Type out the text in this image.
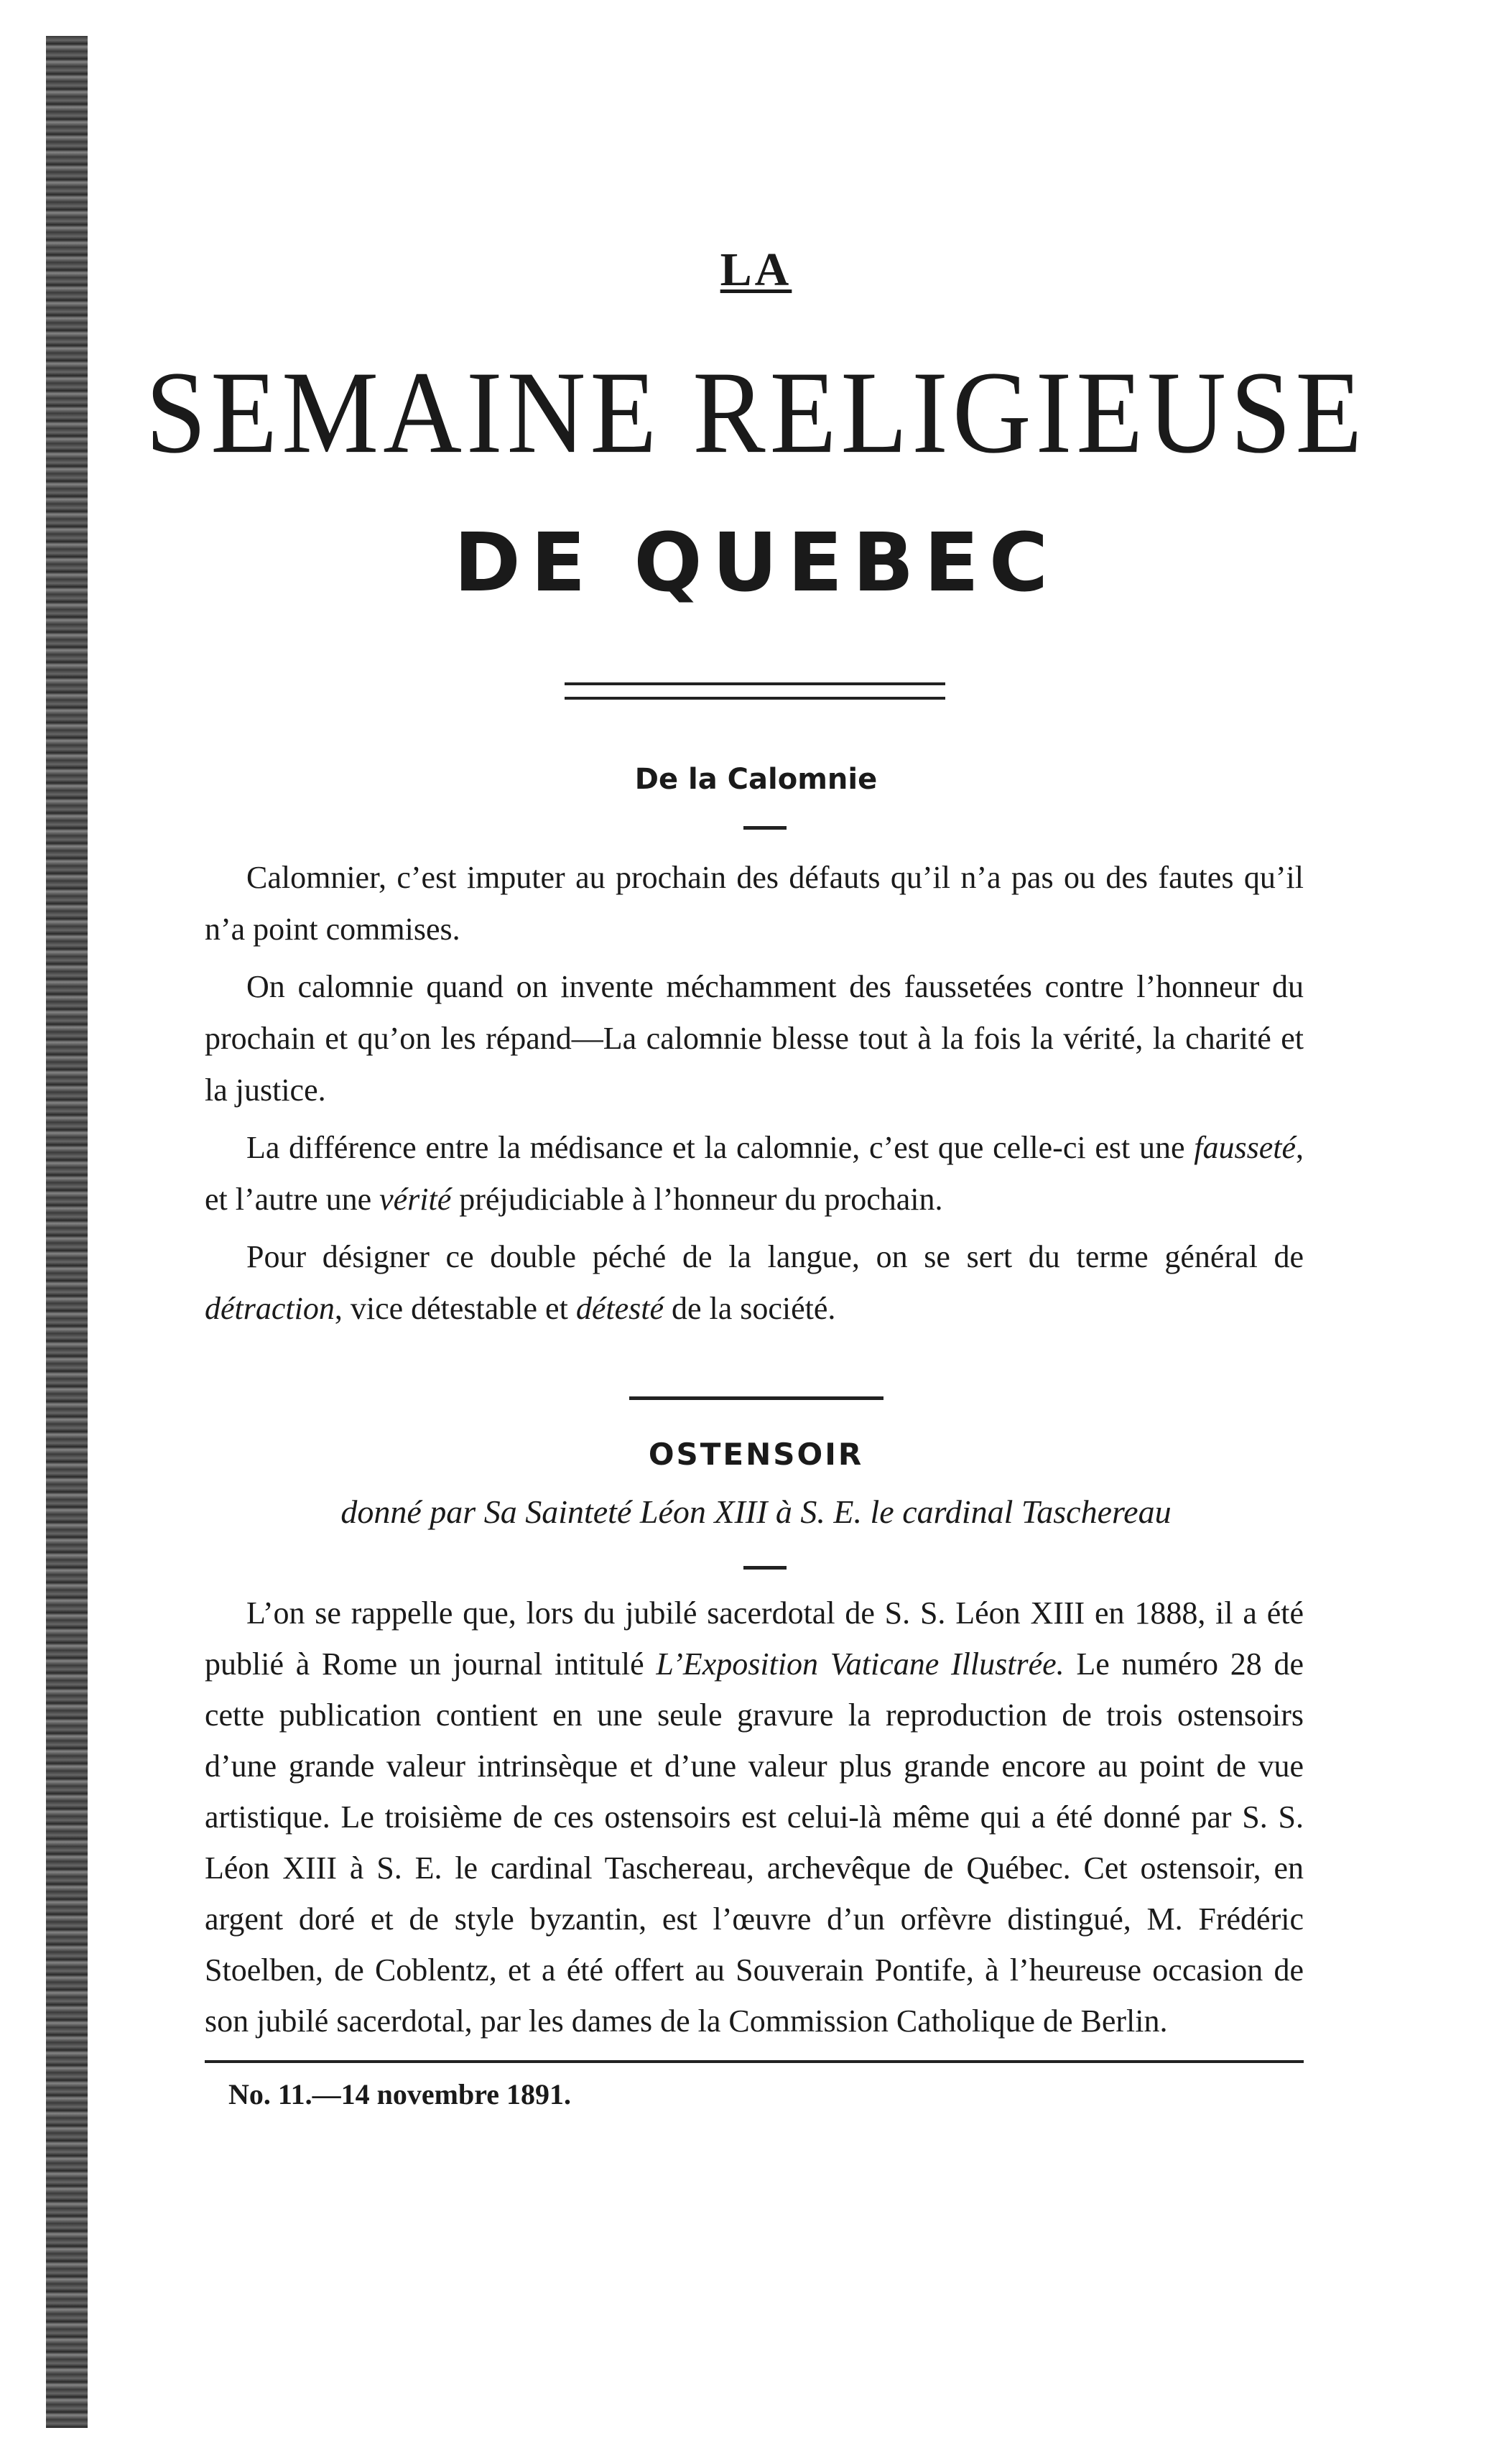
LA
SEMAINE RELIGIEUSE
DE QUEBEC
De la Calomnie

Calomnier, c’est imputer au prochain des défauts qu’il n’a pas ou des fautes qu’il n’a point commises.

On calomnie quand on invente méchamment des faussetées contre l’honneur du prochain et qu’on les répand—La calomnie blesse tout à la fois la vérité, la charité et la justice.

La différence entre la médisance et la calomnie, c’est que celle-ci est une fausseté, et l’autre une vérité préjudiciable à l’honneur du prochain.

Pour désigner ce double péché de la langue, on se sert du terme général de détraction, vice détestable et détesté de la société.

OSTENSOIR
donné par Sa Sainteté Léon XIII à S. E. le cardinal Taschereau

L’on se rappelle que, lors du jubilé sacerdotal de S. S. Léon XIII en 1888, il a été publié à Rome un journal intitulé L’Exposition Vaticane Illustrée. Le numéro 28 de cette publication contient en une seule gravure la reproduction de trois ostensoirs d’une grande valeur intrinsèque et d’une valeur plus grande encore au point de vue artistique. Le troisième de ces ostensoirs est celui-là même qui a été donné par S. S. Léon XIII à S. E. le cardinal Taschereau, archevêque de Québec. Cet ostensoir, en argent doré et de style byzantin, est l’œuvre d’un orfèvre distingué, M. Frédéric Stoelben, de Coblentz, et a été offert au Souverain Pontife, à l’heureuse occasion de son jubilé sacerdotal, par les dames de la Commission Catholique de Berlin.

No. 11.—14 novembre 1891.
